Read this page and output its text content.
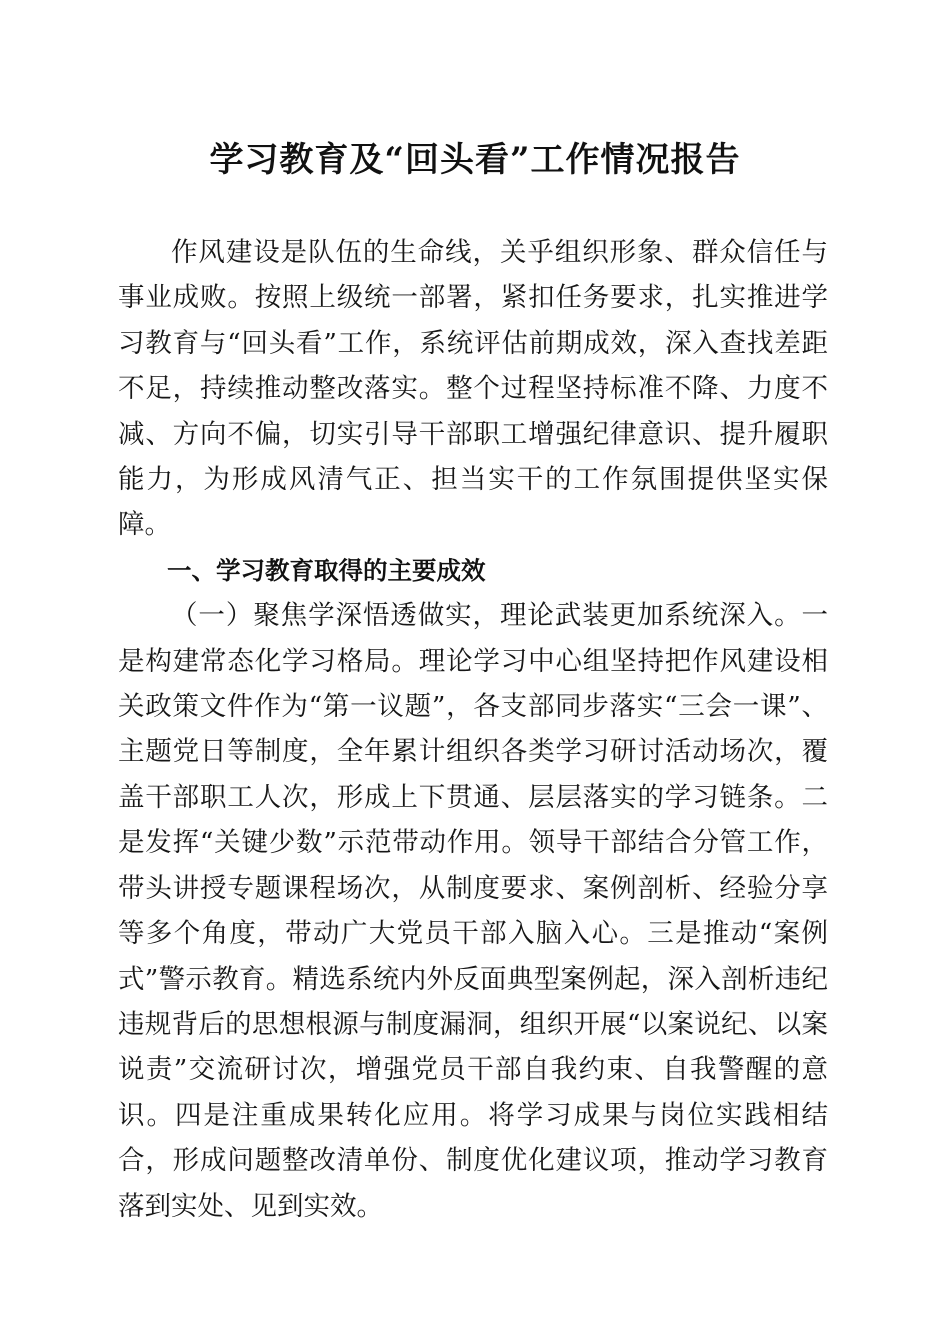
学习教育及“回头看”工作情况报告

作风建设是队伍的生命线，关乎组织形象、群众信任与事业成败。按照上级统一部署，紧扣任务要求，扎实推进学习教育与“回头看”工作，系统评估前期成效，深入查找差距不足，持续推动整改落实。整个过程坚持标准不降、力度不减、方向不偏，切实引导干部职工增强纪律意识、提升履职能力，为形成风清气正、担当实干的工作氛围提供坚实保障。

一、学习教育取得的主要成效

（一）聚焦学深悟透做实，理论武装更加系统深入。一是构建常态化学习格局。理论学习中心组坚持把作风建设相关政策文件作为“第一议题”，各支部同步落实“三会一课”、主题党日等制度，全年累计组织各类学习研讨活动场次，覆盖干部职工人次，形成上下贯通、层层落实的学习链条。二是发挥“关键少数”示范带动作用。领导干部结合分管工作，带头讲授专题课程场次，从制度要求、案例剖析、经验分享等多个角度，带动广大党员干部入脑入心。三是推动“案例式”警示教育。精选系统内外反面典型案例起，深入剖析违纪违规背后的思想根源与制度漏洞，组织开展“以案说纪、以案说责”交流研讨次，增强党员干部自我约束、自我警醒的意识。四是注重成果转化应用。将学习成果与岗位实践相结合，形成问题整改清单份、制度优化建议项，推动学习教育落到实处、见到实效。
